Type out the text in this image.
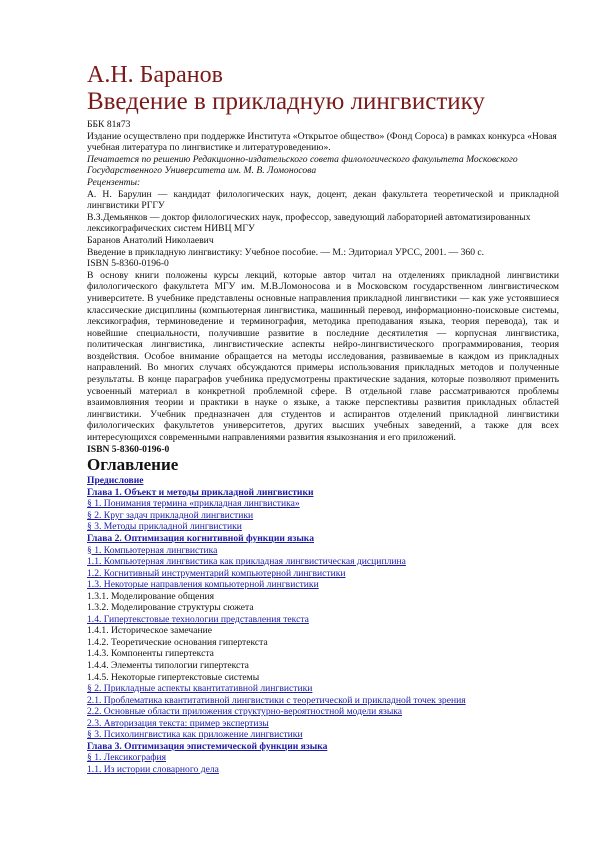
А.Н. Баранов
Введение в прикладную лингвистику

ББК 81я73

Издание осуществлено при поддержке Института «Открытое общество» (Фонд Сороса) в рамках конкурса «Новая учебная литература по лингвистике и литературоведению».

Печатается по решению Редакционно-издательского совета филологического факультета Московского Государственного Университета им. М. В. Ломоносова

Рецензенты:

А. Н. Барулин — кандидат филологических наук, доцент, декан факультета теоретической и прикладной лингвистики РГГУ

В.З.Демьянков — доктор филологических наук, профессор, заведующий лабораторией автоматизированных лексикографических систем НИВЦ МГУ

Баранов Анатолий Николаевич

Введение в прикладную лингвистику: Учебное пособие. — М.: Эдиториал УРСС, 2001. — 360 с.

ISBN 5-8360-0196-0

В основу книги положены курсы лекций, которые автор читал на отделениях прикладной лингвистики филологического факультета МГУ им. М.В.Ломоносова и в Московском государственном лингвистическом университете. В учебнике представлены основные направления прикладной лингвистики — как уже устоявшиеся классические дисциплины (компьютерная лингвистика, машинный перевод, информационно-поисковые системы, лексикография, терминоведение и терминография, методика преподавания языка, теория перевода), так и новейшие специальности, получившие развитие в последние десятилетия — корпусная лингвистика, политическая лингвистика, лингвистические аспекты нейро-лингвистического программирования, теория воздействия. Особое внимание обращается на методы исследования, развиваемые в каждом из прикладных направлений. Во многих случаях обсуждаются примеры использования прикладных методов и полученные результаты. В конце параграфов учебника предусмотрены практические задания, которые позволяют применить усвоенный материал в конкретной проблемной сфере. В отдельной главе рассматриваются проблемы взаимовлияния теории и практики в науке о языке, а также перспективы развития прикладных областей лингвистики. Учебник предназначен для студентов и аспирантов отделений прикладной лингвистики филологических факультетов университетов, других высших учебных заведений, а также для всех интересующихся современными направлениями развития языкознания и его приложений.

ISBN 5-8360-0196-0

Оглавление
Предисловие
Глава 1. Объект и методы прикладной лингвистики
§ 1. Понимания термина «прикладная лингвистика»
§ 2. Круг задач прикладной лингвистики
§ 3. Методы прикладной лингвистики
Глава 2. Оптимизация когнитивной функции языка
§ 1. Компьютерная лингвистика
1.1. Компьютерная лингвистика как прикладная лингвистическая дисциплина
1.2. Когнитивный инструментарий компьютерной лингвистики
1.3. Некоторые направления компьютерной лингвистики
1.3.1. Моделирование общения
1.3.2. Моделирование структуры сюжета
1.4. Гипертекстовые технологии представления текста
1.4.1. Историческое замечание
1.4.2. Теоретические основания гипертекста
1.4.3. Компоненты гипертекста
1.4.4. Элементы типологии гипертекста
1.4.5. Некоторые гипертекстовые системы
§ 2. Прикладные аспекты квантитативной лингвистики
2.1. Проблематика квантитативной лингвистики с теоретической и прикладной точек зрения
2.2. Основные области приложения структурно-вероятностной модели языка
2.3. Авторизация текста: пример экспертизы
§ 3. Психолингвистика как приложение лингвистики
Глава 3. Оптимизация эпистемической функции языка
§ 1. Лексикография
1.1. Из истории словарного дела
